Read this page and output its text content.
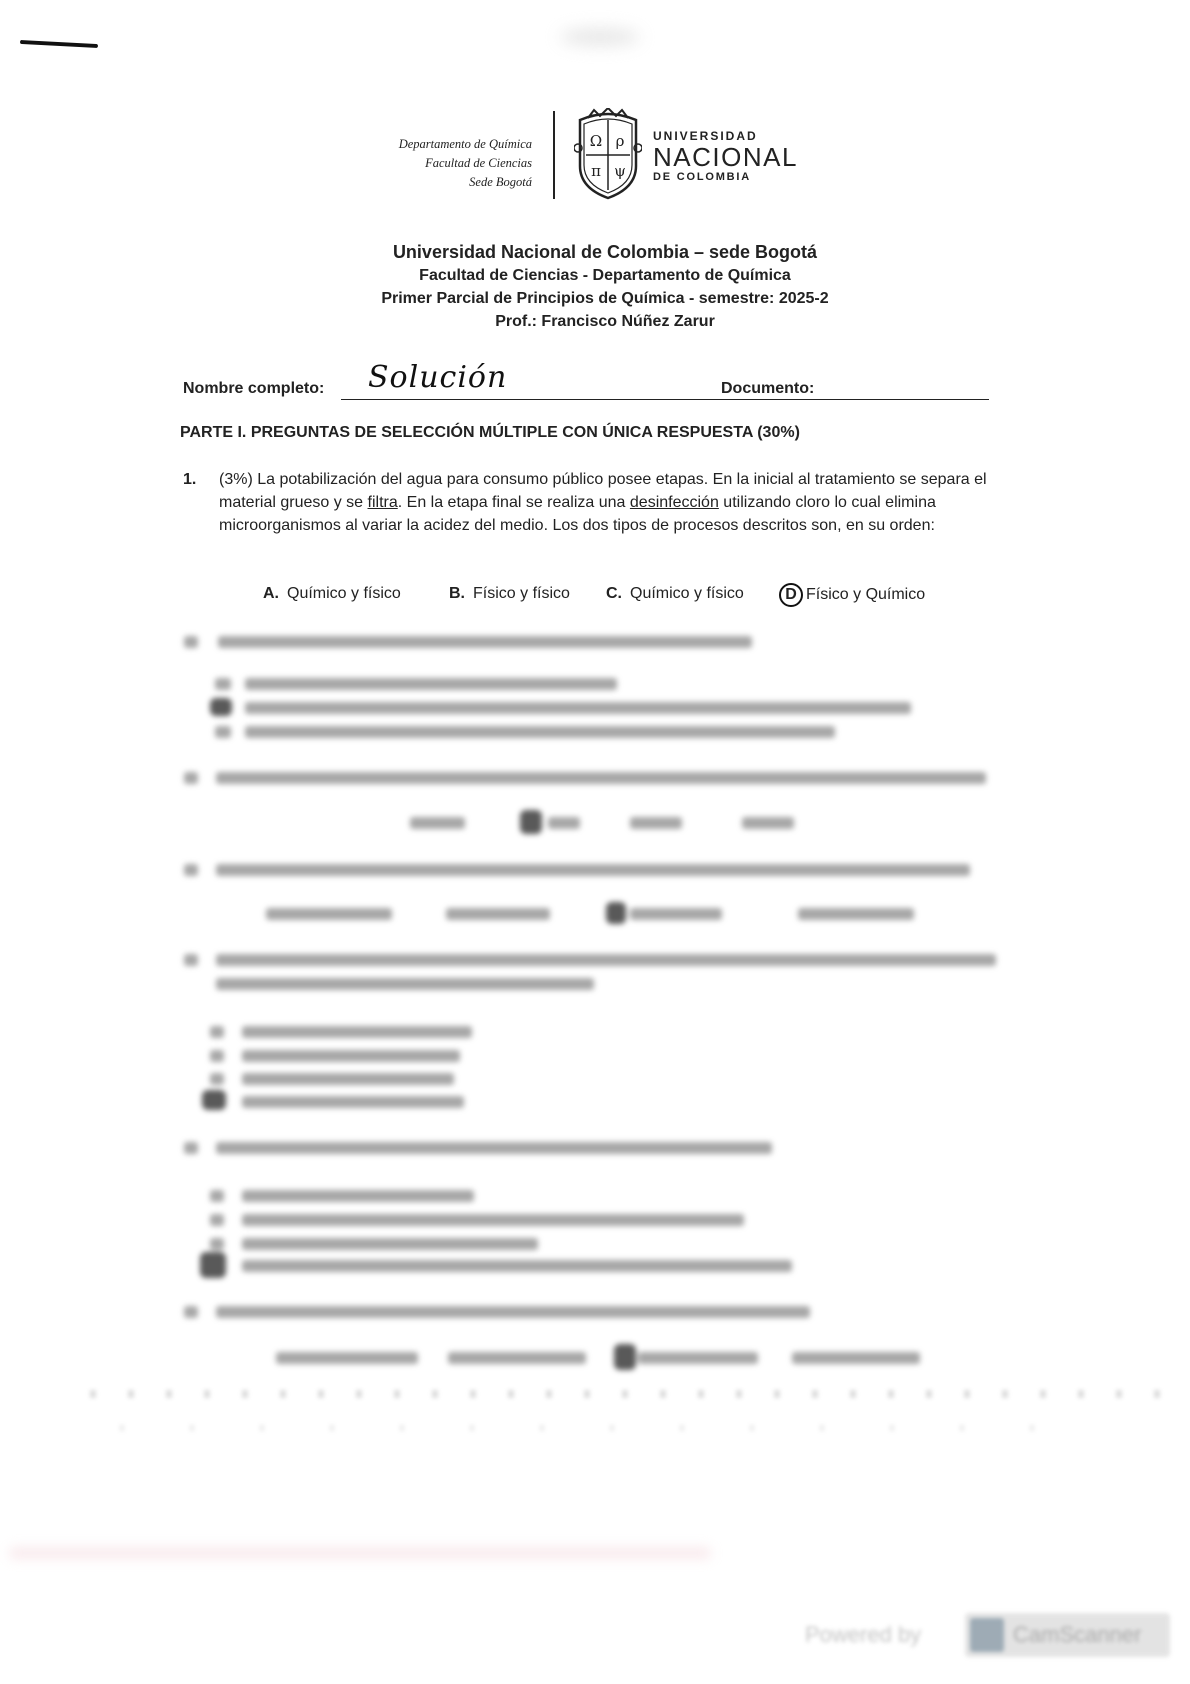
Departamento de Química
Facultad de Ciencias
Sede Bogotá
Ω ρ
π ψ
UNIVERSIDAD
NACIONAL
DE COLOMBIA
Universidad Nacional de Colombia – sede Bogotá
Facultad de Ciencias - Departamento de Química
Primer Parcial de Principios de Química - semestre: 2025-2
Prof.: Francisco Núñez Zarur
Nombre completo: Solución	Documento:
PARTE I. PREGUNTAS DE SELECCIÓN MÚLTIPLE CON ÚNICA RESPUESTA (30%)
1. (3%) La potabilización del agua para consumo público posee etapas. En la inicial al tratamiento se separa el material grueso y se filtra. En la etapa final se realiza una desinfección utilizando cloro lo cual elimina microorganismos al variar la acidez del medio. Los dos tipos de procesos descritos son, en su orden:
A. Químico y físico	B. Físico y físico C. Químico y físico	D Físico y Químico
Powered by	CamScanner
